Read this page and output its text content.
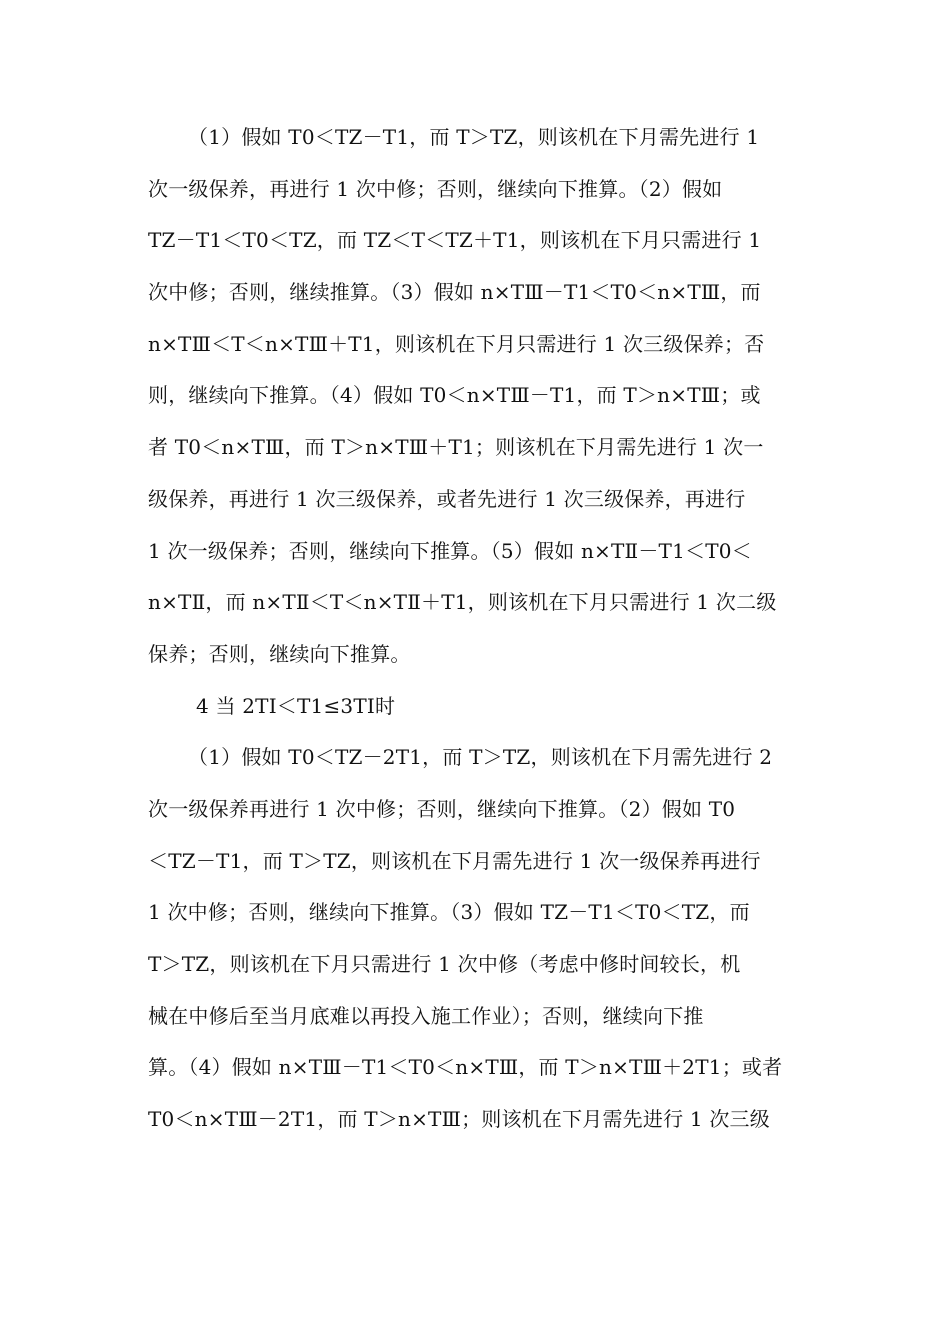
（1）假如 T0＜TZ－T1，而 T＞TZ，则该机在下月需先进行 1
次一级保养，再进行 1 次中修；否则，继续向下推算。（2）假如
TZ－T1＜T0＜TZ，而 TZ＜T＜TZ＋T1，则该机在下月只需进行 1
次中修；否则，继续推算。（3）假如 n×TⅢ－T1＜T0＜n×TⅢ，而
n×TⅢ＜T＜n×TⅢ＋T1，则该机在下月只需进行 1 次三级保养；否
则，继续向下推算。（4）假如 T0＜n×TⅢ－T1，而 T＞n×TⅢ；或
者 T0＜n×TⅢ，而 T＞n×TⅢ＋T1；则该机在下月需先进行 1 次一
级保养，再进行 1 次三级保养，或者先进行 1 次三级保养，再进行
1 次一级保养；否则，继续向下推算。（5）假如 n×TⅡ－T1＜T0＜
n×TⅡ，而 n×TⅡ＜T＜n×TⅡ＋T1，则该机在下月只需进行 1 次二级
保养；否则，继续向下推算。
4 当 2TⅠ＜T1≤3TⅠ时
（1）假如 T0＜TZ－2T1，而 T＞TZ，则该机在下月需先进行 2
次一级保养再进行 1 次中修；否则，继续向下推算。（2）假如 T0
＜TZ－T1，而 T＞TZ，则该机在下月需先进行 1 次一级保养再进行
1 次中修；否则，继续向下推算。（3）假如 TZ－T1＜T0＜TZ，而
T＞TZ，则该机在下月只需进行 1 次中修（考虑中修时间较长，机
械在中修后至当月底难以再投入施工作业）；否则，继续向下推
算。（4）假如 n×TⅢ－T1＜T0＜n×TⅢ，而 T＞n×TⅢ＋2T1；或者
T0＜n×TⅢ－2T1，而 T＞n×TⅢ；则该机在下月需先进行 1 次三级
